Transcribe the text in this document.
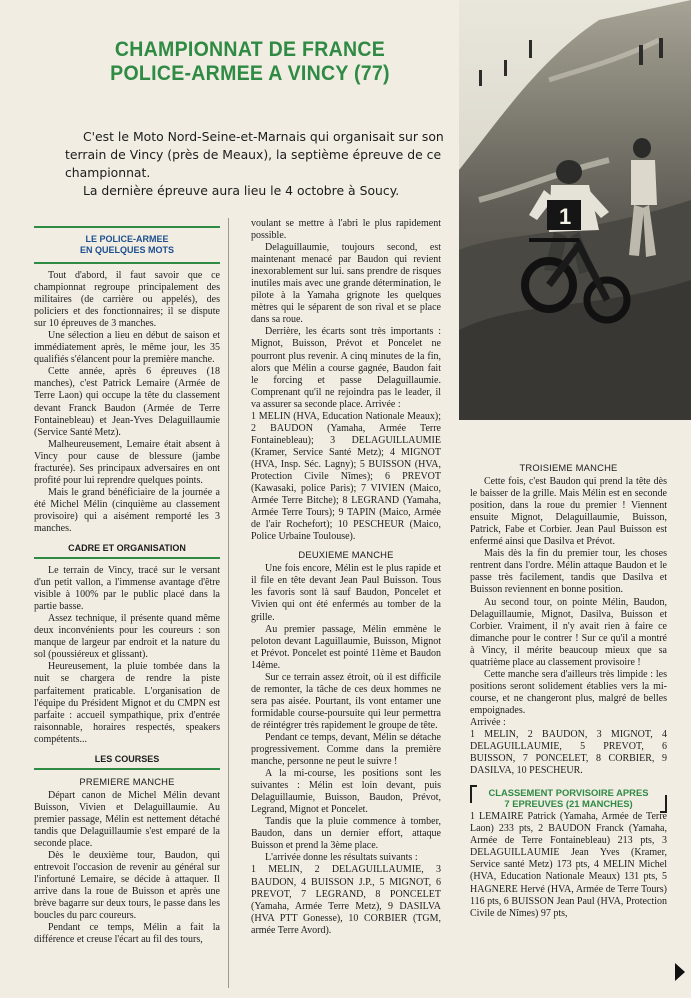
CHAMPIONNAT DE FRANCE
POLICE-ARMEE A VINCY (77)

C'est le Moto Nord-Seine-et-Marnais qui organisait sur son terrain de Vincy (près de Meaux), la septième épreuve de ce championnat.

La dernière épreuve aura lieu le 4 octobre à Soucy.

1
LE POLICE-ARMEE
EN QUELQUES MOTS

Tout d'abord, il faut savoir que ce championnat regroupe principalement des militaires (de carrière ou appelés), des policiers et des fonctionnaires; il se dispute sur 10 épreuves de 3 manches.

Une sélection a lieu en début de saison et immédiatement après, le même jour, les 35 qualifiés s'élancent pour la première manche.

Cette année, après 6 épreuves (18 manches), c'est Patrick Lemaire (Armée de Terre Laon) qui occupe la tête du classement devant Franck Baudon (Armée de Terre Fontainebleau) et Jean-Yves Delaguillaumie (Service Santé Metz).

Malheureusement, Lemaire était absent à Vincy pour cause de blessure (jambe fracturée). Ses principaux adversaires en ont profité pour lui reprendre quelques points.

Mais le grand bénéficiaire de la journée a été Michel Mélin (cinquième au classement provisoire) qui a aisément remporté les 3 manches.

CADRE ET ORGANISATION

Le terrain de Vincy, tracé sur le versant d'un petit vallon, a l'immense avantage d'être visible à 100% par le public placé dans la partie basse.

Assez technique, il présente quand même deux inconvénients pour les coureurs : son manque de largeur par endroit et la nature du sol (poussiéreux et glissant).

Heureusement, la pluie tombée dans la nuit se chargera de rendre la piste parfaitement praticable. L'organisation de l'équipe du Président Mignot et du CMPN est parfaite : accueil sympathique, prix d'entrée raisonnable, horaires respectés, speakers compétents...

LES COURSES
PREMIERE MANCHE

Départ canon de Michel Mélin devant Buisson, Vivien et Delaguillaumie. Au premier passage, Mélin est nettement détaché tandis que Delaguillaumie s'est emparé de la seconde place.

Dès le deuxième tour, Baudon, qui entrevoit l'occasion de revenir au général sur l'infortuné Lemaire, se décide à attaquer. Il arrive dans la roue de Buisson et après une brève bagarre sur deux tours, le passe dans les boucles du parc coureurs.

Pendant ce temps, Mélin a fait la différence et creuse l'écart au fil des tours,

voulant se mettre à l'abri le plus rapidement possible.

Delaguillaumie, toujours second, est maintenant menacé par Baudon qui revient inexorablement sur lui. sans prendre de risques inutiles mais avec une grande détermination, le pilote à la Yamaha grignote les quelques mètres qui le séparent de son rival et se place dans sa roue.

Derrière, les écarts sont très importants : Mignot, Buisson, Prévot et Poncelet ne pourront plus revenir. A cinq minutes de la fin, alors que Mélin a course gagnée, Baudon fait le forcing et passe Delaguillaumie. Comprenant qu'il ne rejoindra pas le leader, il va assurer sa seconde place. Arrivée :

1 MELIN (HVA, Education Nationale Meaux); 2 BAUDON (Yamaha, Armée Terre Fontainebleau); 3 DELAGUILLAUMIE (Kramer, Service Santé Metz); 4 MIGNOT (HVA, Insp. Séc. Lagny); 5 BUISSON (HVA, Protection Civile Nîmes); 6 PREVOT (Kawasaki, police Paris); 7 VIVIEN (Maico, Armée Terre Bitche); 8 LEGRAND (Yamaha, Armée Terre Tours); 9 TAPIN (Maico, Armée de l'air Rochefort); 10 PESCHEUR (Maico, Police Urbaine Toulouse).

DEUXIEME MANCHE

Une fois encore, Mélin est le plus rapide et il file en tête devant Jean Paul Buisson. Tous les favoris sont là sauf Baudon, Poncelet et Vivien qui ont été enfermés au tomber de la grille.

Au premier passage, Mélin emmène le peloton devant Laguillaumie, Buisson, Mignot et Prévot. Poncelet est pointé 11ème et Baudon 14ème.

Sur ce terrain assez étroit, où il est difficile de remonter, la tâche de ces deux hommes ne sera pas aisée. Pourtant, ils vont entamer une formidable course-poursuite qui leur permettra de réintégrer très rapidement le groupe de tête.

Pendant ce temps, devant, Mélin se détache progressivement. Comme dans la première manche, personne ne peut le suivre !

A la mi-course, les positions sont les suivantes : Mélin est loin devant, puis Delaguillaumie, Buisson, Baudon, Prévot, Legrand, Mignot et Poncelet.

Tandis que la pluie commence à tomber, Baudon, dans un dernier effort, attaque Buisson et prend la 3ème place.

L'arrivée donne les résultats suivants :

1 MELIN, 2 DELAGUILLAUMIE, 3 BAUDON, 4 BUISSON J.P., 5 MIGNOT, 6 PREVOT, 7 LEGRAND, 8 PONCELET (Yamaha, Armée Terre Metz), 9 DASILVA (HVA PTT Gonesse), 10 CORBIER (TGM, armée Terre Avord).

TROISIEME MANCHE

Cette fois, c'est Baudon qui prend la tête dès le baisser de la grille. Mais Mélin est en seconde position, dans la roue du premier ! Viennent ensuite Mignot, Delaguillaumie, Buisson, Patrick, Fabe et Corbier. Jean Paul Buisson est enfermé ainsi que Dasilva et Prévot.

Mais dès la fin du premier tour, les choses rentrent dans l'ordre. Mélin attaque Baudon et le passe très facilement, tandis que Dasilva et Buisson reviennent en bonne position.

Au second tour, on pointe Mélin, Baudon, Delaguillaumie, Mignot, Dasilva, Buisson et Corbier. Vraiment, il n'y avait rien à faire ce dimanche pour le contrer ! Sur ce qu'il a montré à Vincy, il mérite beaucoup mieux que sa quatrième place au classement provisoire !

Cette manche sera d'ailleurs très limpide : les positions seront solidement établies vers la mi-course, et ne changeront plus, malgré de belles empoignades.

Arrivée :

1 MELIN, 2 BAUDON, 3 MIGNOT, 4 DELAGUILLAUMIE, 5 PREVOT, 6 BUISSON, 7 PONCELET, 8 CORBIER, 9 DASILVA, 10 PESCHEUR.

CLASSEMENT PORVISOIRE APRES
7 EPREUVES (21 MANCHES)

1 LEMAIRE Patrick (Yamaha, Armée de Terre Laon) 233 pts, 2 BAUDON Franck (Yamaha, Armée de Terre Fontainebleau) 213 pts, 3 DELAGUILLAUMIE Jean Yves (Kramer, Service santé Metz) 173 pts, 4 MELIN Michel (HVA, Education Nationale Meaux) 131 pts, 5 HAGNERE Hervé (HVA, Armée de Terre Tours) 116 pts, 6 BUISSON Jean Paul (HVA, Protection Civile de Nîmes) 97 pts,
